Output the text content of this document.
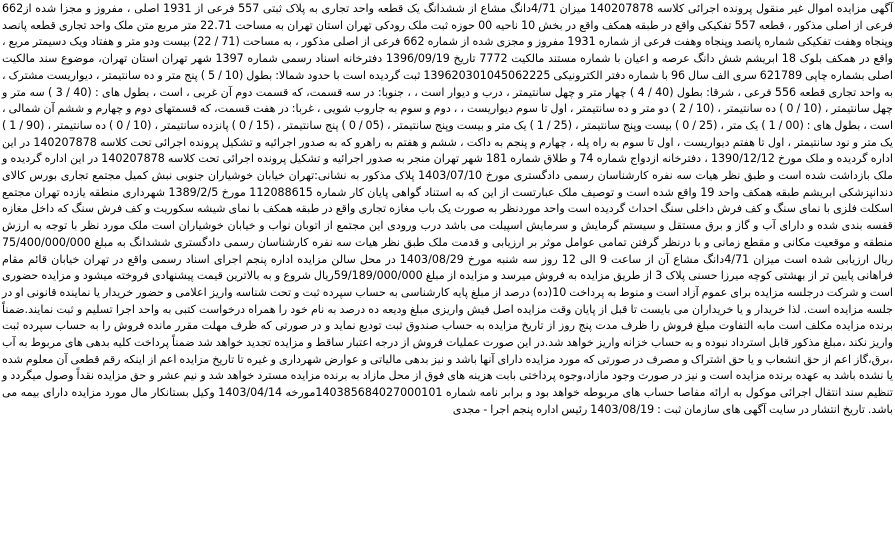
آگهی مزایده اموال غیر منقول پرونده اجرائی کلاسه 140207878 میزان 4/71دانگ مشاع از ششدانگ یک قطعه واحد تجاری به پلاک ثبتی 557 فرعی از 1931 اصلی ، مفروز و مجزا شده از662 فرعی از اصلی مذکور ، قطعه 557 تفکیکی واقع در طبقه همکف واقع در بخش 10 ناحیه 00 حوزه ثبت ملک رودکی تهران استان تهران به مساحت 22.71 متر مربع متن ملک واحد تجاری قطعه پانصد وپنجاه وهفت تفکیکی شماره پانصد وپنجاه وهفت فرعی از شماره 1931 مفروز و مجزی شده از شماره 662 فرعی از اصلی مذکور ، به مساحت (71 / 22) بیست ودو متر و هفتاد ویک دسیمتر مربع ، واقع در همکف بلوک 18 ابریشم شش دانگ عرصه و اعیان با شماره مستند مالکیت 7772 تاریخ 1396/09/19 دفترخانه اسناد رسمی شماره 1397 شهر تهران استان تهران، موضوع سند مالکیت اصلی بشماره چاپی 621789 سری الف سال 96 با شماره دفتر الکترونیکی 139620301045062225 ثبت گردیده است با حدود شمالا: بطول (10 / 5 ) پنج متر و ده سانتیمتر ، دیواریست مشترک ، به واحد تجاری قطعه 556 فرعی ، شرقا: بطول (40 / 4 ) چهار متر و چهل سانتیمتر ، درب و دیوار است ، ، جنوبا: در سه قسمت، که قسمت دوم آن غربی ، است ، بطول های : (40 / 3 ) سه متر و چهل سانتیمتر ، (10 / 0 ) ده سانتیمتر ، (10 / 2 ) دو متر و ده سانتیمتر ، اول تا سوم دیواریست ، ، دوم و سوم به جاروب شویی ، غربا: در هفت قسمت، که قسمتهای دوم و چهارم و ششم آن شمالی ، است ، بطول های : (00 / 1 ) یک متر ، (25 / 0 ) بیست وپنج سانتیمتر ، (25 / 1 ) یک متر و بیست وپنج سانتیمتر ، (05 / 0 ) پنج سانتیمتر ، (15 / 0 ) پانزده سانتیمتر ، (10 / 0 ) ده سانتیمتر ، (90 / 1 ) یک متر و نود سانتیمتر ، اول تا هفتم دیواریست ، اول تا سوم به راه پله ، چهارم و پنجم به داکت ، ششم و هفتم به راهرو که به صدور اجرائیه و تشکیل پرونده اجرائی تحت کلاسه 140207878 در این اداره گردیده و ملک مورخ 1390/12/12 ، دفترخانه ازدواج شماره 74 و طلاق شماره 181 شهر تهران منجر به صدور اجرائیه و تشکیل پرونده اجرائی تحت کلاسه 140207878 در این اداره گردیده و ملک بازداشت شده است و طبق نظر هیات سه نفره کارشناسان رسمی دادگستری مورخ 1403/07/10 پلاک مذکور به نشانی:تهران خیابان خوشیاران جنوبی نبش کمیل مجتمع تجاری بورس کالای دندانپزشکی ابریشم طبقه همکف واحد 19 واقع شده است و توصیف ملک عبارتست از این که به استناد گواهی پایان کار شماره 112088615 مورخ 1389/2/5 شهرداری منطقه یازده تهران مجتمع اسکلت فلزی با نمای سنگ و کف فرش داخلی سنگ احداث گردیده است واحد موردنظر به صورت یک باب مغازه تجاری واقع در طبقه همکف با نمای شیشه سکوریت و کف فرش سنگ که داخل مغازه قفسه بندی شده و دارای آب و گاز و برق مستقل و سیستم گرمایش و سرمایش اسپیلت می باشد درب ورودی این مجتمع از اتوبان نواب و خیابان خوشیاران است ملک مورد نظر با توجه به ارزش منطقه و موقعیت مکانی و مقطع زمانی و با درنظر گرفتن تمامی عوامل موثر بر ارزیابی و قدمت ملک طبق نظر هیات سه نفره کارشناسان رسمی دادگستری ششدانگ به مبلغ 75/400/000/000 ریال ارزیابی شده است میزان 4/71دانگ مشاع آن از ساعت 9 الی 12 روز سه شنبه مورخ 1403/08/29 در محل سالن مزایده اداره پنجم اجرای اسناد رسمی واقع در تهران خیابان قائم مقام فراهانی پایین تر از بهشتی کوچه میرزا حسنی پلاک 3 از طریق مزایده به فروش میرسد و مزایده از مبلغ 59/189/000/000ریال شروع و به بالاترین قیمت پیشنهادی فروخته میشود و مزایده حضوری است و شرکت درجلسه مزایده برای عموم آزاد است و منوط به پرداخت 10(ده) درصد از مبلغ پایه کارشناسی به حساب سپرده ثبت و تحت شناسه واریز اعلامی و حضور خریدار یا نماینده قانونی او در جلسه مزایده است. لذا خریدار و یا خریداران می بایست تا قبل از پایان وقت مزایده اصل فیش واریزی مبلغ ودیعه ده درصد به نام خود را همراه درخواست کتبی به واحد اجرا تسلیم و ثبت نمایند.ضمناً برنده مزایده مکلف است مابه التفاوت مبلغ فروش را ظرف مدت پنج روز از تاریخ مزایده به حساب صندوق ثبت تودیع نماید و در صورتی که ظرف مهلت مقرر مانده فروش را به حساب سپرده ثبت واریز نکند ،مبلغ مذکور قابل استرداد نبوده و به حساب خزانه واریز خواهد شد.در این صورت عملیات فروش از درجه اعتبار ساقط و مزایده تجدید خواهد شد ضمناً پرداخت کلیه بدهی های مربوط به آب ،برق،گاز اعم از حق انشعاب و یا حق اشتراک و مصرف در صورتی که مورد مزایده دارای آنها باشد و نیز بدهی مالیاتی و عوارض شهرداری و غیره تا تاریخ مزایده اعم از اینکه رقم قطعی آن معلوم شده یا نشده باشد به عهده برنده مزایده است و نیز در صورت وجود مازاد،وجوه پرداختی بابت هزینه های فوق از محل مازاد به برنده مزایده مسترد خواهد شد و نیم عشر و حق مزایده نقداً وصول میگردد و تنظیم سند انتقال اجرائی موکول به ارائه مفاصا حساب های مربوطه خواهد بود و برابر نامه شماره 140385684027000101مورخه 1403/04/14 وکیل بستانکار مال مورد مزایده دارای بیمه می باشد. تاریخ انتشار در سایت آگهی های سازمان ثبت : 1403/08/19 رئیس اداره پنجم اجرا - مجدی
